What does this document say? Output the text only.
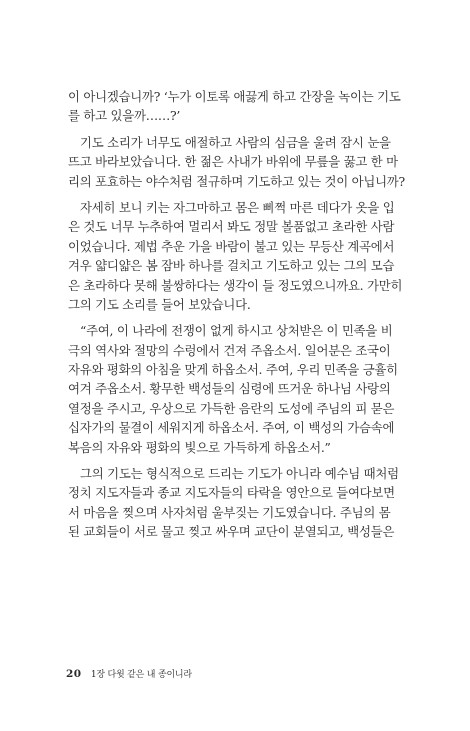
이 아니겠습니까? ‘누가 이토록 애끓게 하고 간장을 녹이는 기도
를 하고 있을까……?’
기도 소리가 너무도 애절하고 사람의 심금을 울려 잠시 눈을
뜨고 바라보았습니다. 한 젊은 사내가 바위에 무릎을 꿇고 한 마
리의 포효하는 야수처럼 절규하며 기도하고 있는 것이 아닙니까?
자세히 보니 키는 자그마하고 몸은 삐쩍 마른 데다가 옷을 입
은 것도 너무 누추하여 멀리서 봐도 정말 볼품없고 초라한 사람
이었습니다. 제법 추운 가을 바람이 불고 있는 무등산 계곡에서
겨우 얇디얇은 봄 잠바 하나를 걸치고 기도하고 있는 그의 모습
은 초라하다 못해 불쌍하다는 생각이 들 정도였으니까요. 가만히
그의 기도 소리를 들어 보았습니다.
“주여, 이 나라에 전쟁이 없게 하시고 상처받은 이 민족을 비
극의 역사와 절망의 수렁에서 건져 주옵소서. 일어분은 조국이
자유와 평화의 아침을 맞게 하옵소서. 주여, 우리 민족을 긍휼히
여겨 주옵소서. 황무한 백성들의 심령에 뜨거운 하나님 사랑의
열정을 주시고, 우상으로 가득한 음란의 도성에 주님의 피 묻은
십자가의 물결이 세워지게 하옵소서. 주여, 이 백성의 가슴속에
복음의 자유와 평화의 빛으로 가득하게 하옵소서.”
그의 기도는 형식적으로 드리는 기도가 아니라 예수님 때처럼
정치 지도자들과 종교 지도자들의 타락을 영안으로 들여다보면
서 마음을 찢으며 사자처럼 울부짖는 기도였습니다. 주님의 몸
된 교회들이 서로 물고 찢고 싸우며 교단이 분열되고, 백성들은
20 1장 다윗 같은 내 종이니라
